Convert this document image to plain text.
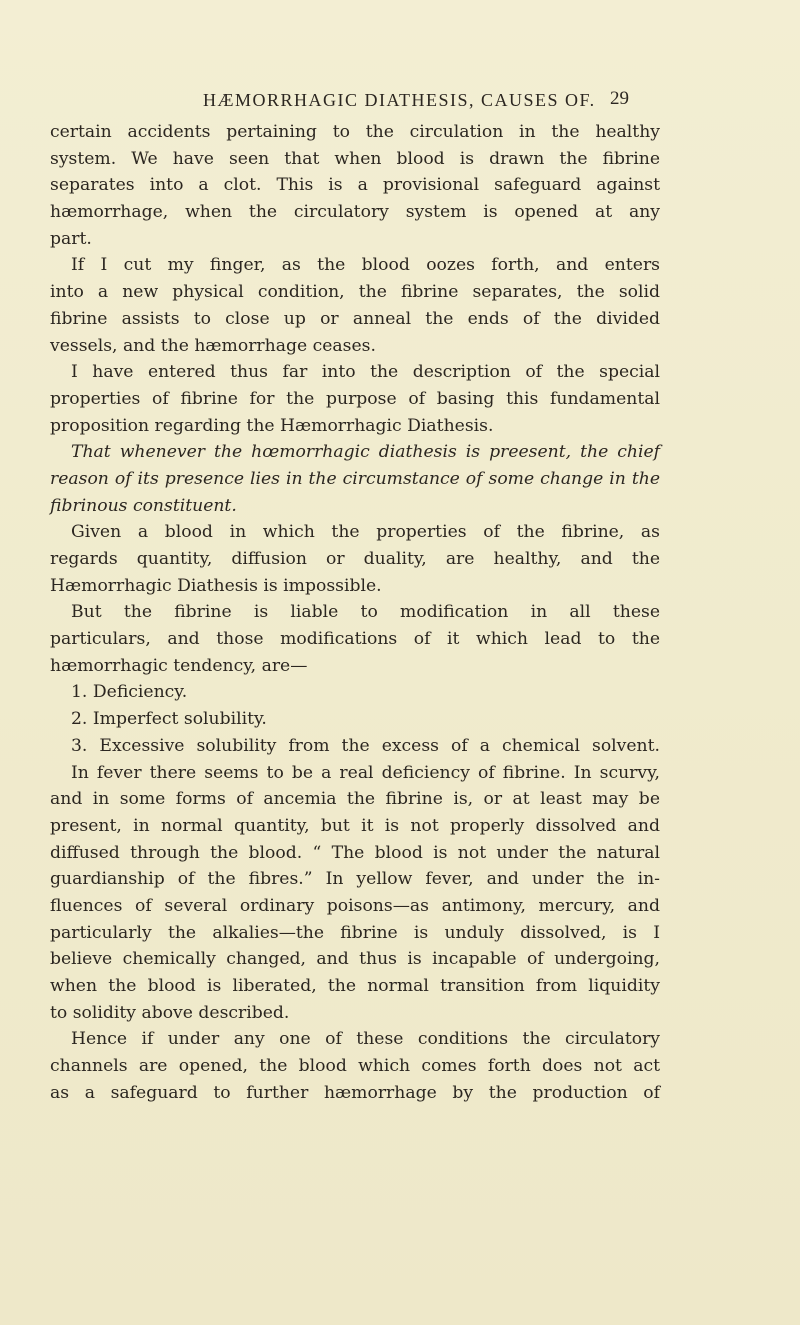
HÆMORRHAGIC DIATHESIS, CAUSES OF. 29
certain accidents pertaining to the circulation in the healthy
system. We have seen that when blood is drawn the fibrine
separates into a clot. This is a provisional safeguard against
hæmorrhage, when the circulatory system is opened at any
part.
If I cut my finger, as the blood oozes forth, and enters
into a new physical condition, the fibrine separates, the solid
fibrine assists to close up or anneal the ends of the divided
vessels, and the hæmorrhage ceases.
I have entered thus far into the description of the special
properties of fibrine for the purpose of basing this fundamental
proposition regarding the Hæmorrhagic Diathesis.
That whenever the hœmorrhagic diathesis is preesent, the chief
reason of its presence lies in the circumstance of some change in the
fibrinous constituent.
Given a blood in which the properties of the fibrine, as
regards quantity, diffusion or duality, are healthy, and the
Hæmorrhagic Diathesis is impossible.
But the fibrine is liable to modification in all these
particulars, and those modifications of it which lead to the
hæmorrhagic tendency, are—
1. Deficiency.
2. Imperfect solubility.
3. Excessive solubility from the excess of a chemical solvent.
In fever there seems to be a real deficiency of fibrine. In scurvy,
and in some forms of ancemia the fibrine is, or at least may be
present, in normal quantity, but it is not properly dissolved and
diffused through the blood. “ The blood is not under the natural
guardianship of the fibres.” In yellow fever, and under the in-
fluences of several ordinary poisons—as antimony, mercury, and
particularly the alkalies—the fibrine is unduly dissolved, is I
believe chemically changed, and thus is incapable of undergoing,
when the blood is liberated, the normal transition from liquidity
to solidity above described.
Hence if under any one of these conditions the circulatory
channels are opened, the blood which comes forth does not act
as a safeguard to further hæmorrhage by the production of
